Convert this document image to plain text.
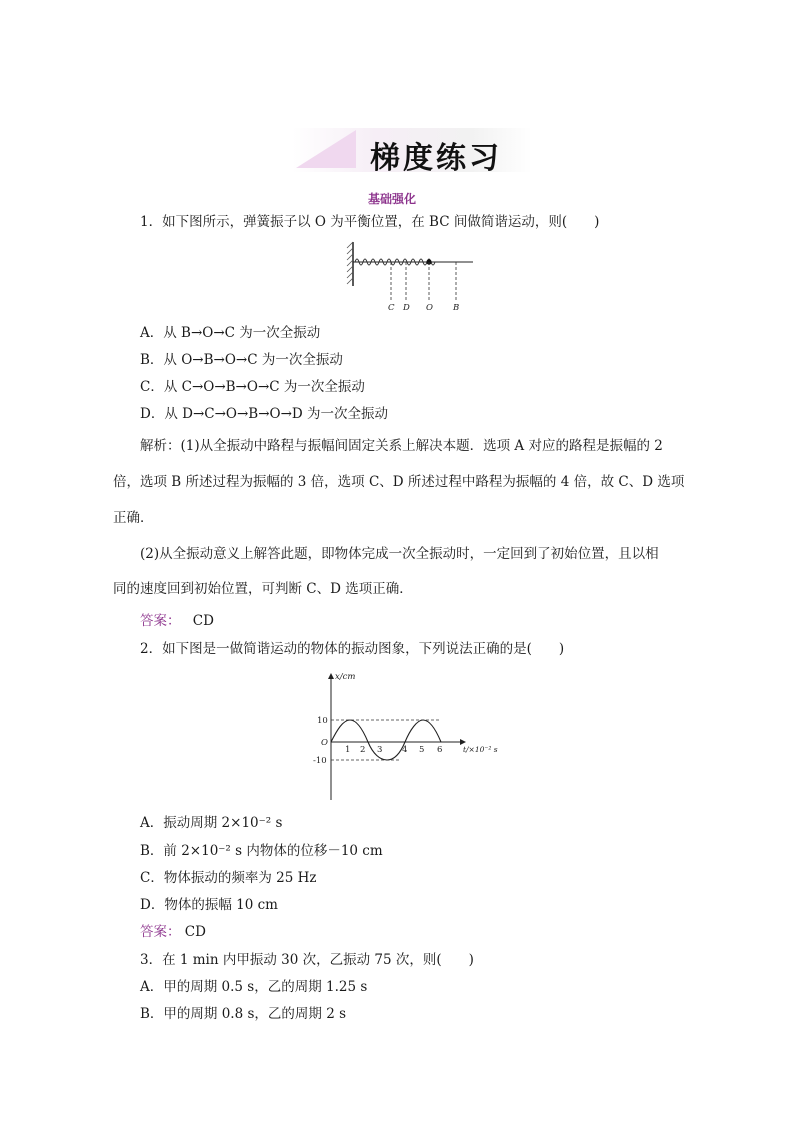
梯度练习
基础强化
1．如下图所示，弹簧振子以 O 为平衡位置，在 BC 间做简谐运动，则(　　)
C D O B
A．从 B→O→C 为一次全振动
B．从 O→B→O→C 为一次全振动
C．从 C→O→B→O→C 为一次全振动
D．从 D→C→O→B→O→D 为一次全振动
解析：(1)从全振动中路程与振幅间固定关系上解决本题．选项 A 对应的路程是振幅的 2
倍，选项 B 所述过程为振幅的 3 倍，选项 C、D 所述过程中路程为振幅的 4 倍，故 C、D 选项
正确．
(2)从全振动意义上解答此题，即物体完成一次全振动时，一定回到了初始位置，且以相
同的速度回到初始位置，可判断 C、D 选项正确．
答案： CD
2．如下图是一做简谐运动的物体的振动图象，下列说法正确的是(　　)
x/cm
10
-10
O
1 2 3 4 5 6	t/×10⁻² s
A．振动周期 2×10⁻² s
B．前 2×10⁻² s 内物体的位移－10 cm
C．物体振动的频率为 25 Hz
D．物体的振幅 10 cm
答案： CD
3．在 1 min 内甲振动 30 次，乙振动 75 次，则(　　)
A．甲的周期 0.5 s，乙的周期 1.25 s
B．甲的周期 0.8 s，乙的周期 2 s
